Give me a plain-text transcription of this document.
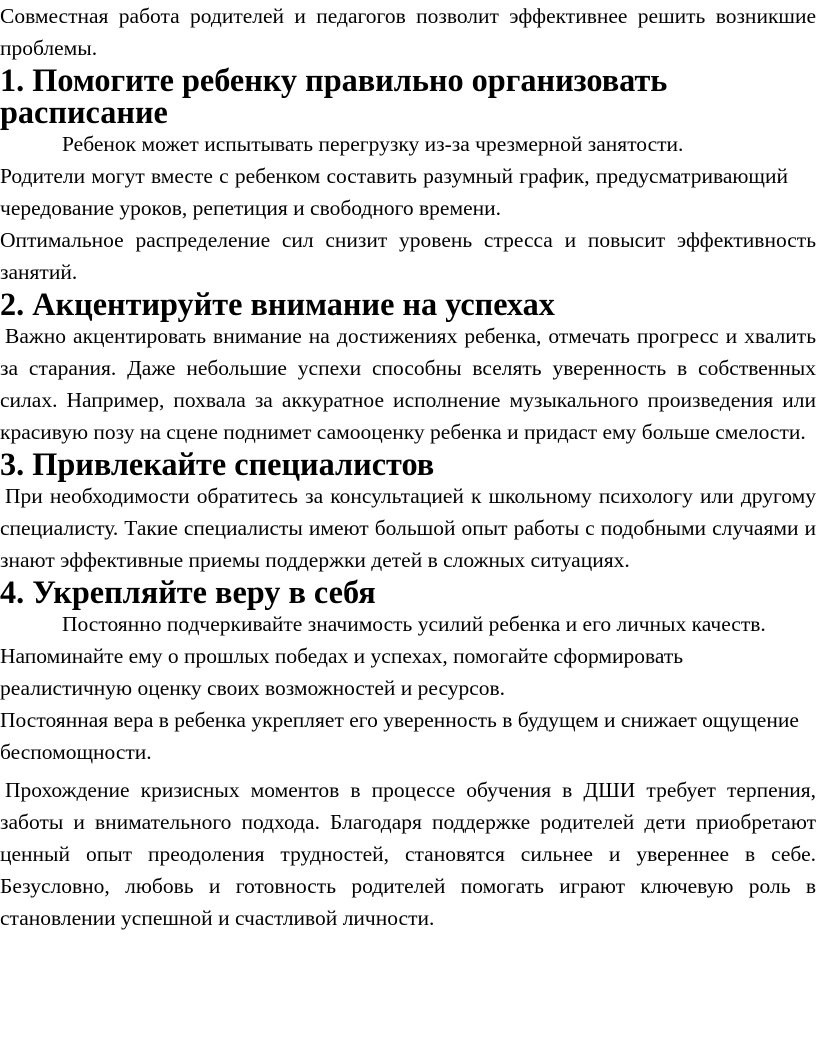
Совместная работа родителей и педагогов позволит эффективнее решить возникшие проблемы.

1. Помогите ребенку правильно организовать расписание

Ребенок может испытывать перегрузку из-за чрезмерной занятости.

Родители могут вместе с ребенком составить разумный график, предусматривающий чередование уроков, репетиция и свободного времени.

Оптимальное распределение сил снизит уровень стресса и повысит эффективность занятий.

2. Акцентируйте внимание на успехах

Важно акцентировать внимание на достижениях ребенка, отмечать прогресс и хвалить за старания. Даже небольшие успехи способны вселять уверенность в собственных силах. Например, похвала за аккуратное исполнение музыкального произведения или красивую позу на сцене поднимет самооценку ребенка и придаст ему больше смелости.

3. Привлекайте специалистов

При необходимости обратитесь за консультацией к школьному психологу или другому специалисту. Такие специалисты имеют большой опыт работы с подобными случаями и знают эффективные приемы поддержки детей в сложных ситуациях.

4. Укрепляйте веру в себя

Постоянно подчеркивайте значимость усилий ребенка и его личных качеств. Напоминайте ему о прошлых победах и успехах, помогайте сформировать реалистичную оценку своих возможностей и ресурсов.

Постоянная вера в ребенка укрепляет его уверенность в будущем и снижает ощущение беспомощности.

Прохождение кризисных моментов в процессе обучения в ДШИ требует терпения, заботы и внимательного подхода. Благодаря поддержке родителей дети приобретают ценный опыт преодоления трудностей, становятся сильнее и увереннее в себе. Безусловно, любовь и готовность родителей помогать играют ключевую роль в становлении успешной и счастливой личности.
